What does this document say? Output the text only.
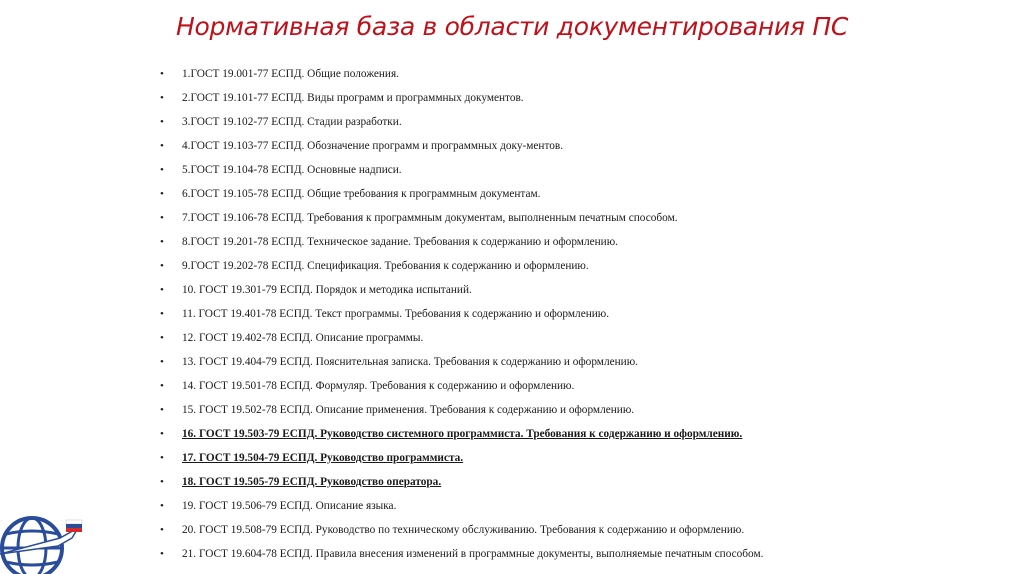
Нормативная база в области документирования ПС
• 1.ГОСТ 19.001-77 ЕСПД. Общие положения.
• 2.ГОСТ 19.101-77 ЕСПД. Виды программ и программных документов.
• 3.ГОСТ 19.102-77 ЕСПД. Стадии разработки.
• 4.ГОСТ 19.103-77 ЕСПД. Обозначение программ и программных доку-ментов.
• 5.ГОСТ 19.104-78 ЕСПД. Основные надписи.
• 6.ГОСТ 19.105-78 ЕСПД. Общие требования к программным документам.
• 7.ГОСТ 19.106-78 ЕСПД. Требования к программным документам, выполненным печатным способом.
• 8.ГОСТ 19.201-78 ЕСПД. Техническое задание. Требования к содержанию и оформлению.
• 9.ГОСТ 19.202-78 ЕСПД. Спецификация. Требования к содержанию и оформлению.
• 10. ГОСТ 19.301-79 ЕСПД. Порядок и методика испытаний.
• 11. ГОСТ 19.401-78 ЕСПД. Текст программы. Требования к содержанию и оформлению.
• 12. ГОСТ 19.402-78 ЕСПД. Описание программы.
• 13. ГОСТ 19.404-79 ЕСПД. Пояснительная записка. Требования к содержанию и оформлению.
• 14. ГОСТ 19.501-78 ЕСПД. Формуляр. Требования к содержанию и оформлению.
• 15. ГОСТ 19.502-78 ЕСПД. Описание применения. Требования к содержанию и оформлению.
• 16. ГОСТ 19.503-79 ЕСПД. Руководство системного программиста. Требования к содержанию и оформлению.
• 17. ГОСТ 19.504-79 ЕСПД. Руководство программиста.
• 18. ГОСТ 19.505-79 ЕСПД. Руководство оператора.
• 19. ГОСТ 19.506-79 ЕСПД. Описание языка.
• 20. ГОСТ 19.508-79 ЕСПД. Руководство по техническому обслуживанию. Требования к содержанию и оформлению.
• 21. ГОСТ 19.604-78 ЕСПД. Правила внесения изменений в программные документы, выполняемые печатным способом.
